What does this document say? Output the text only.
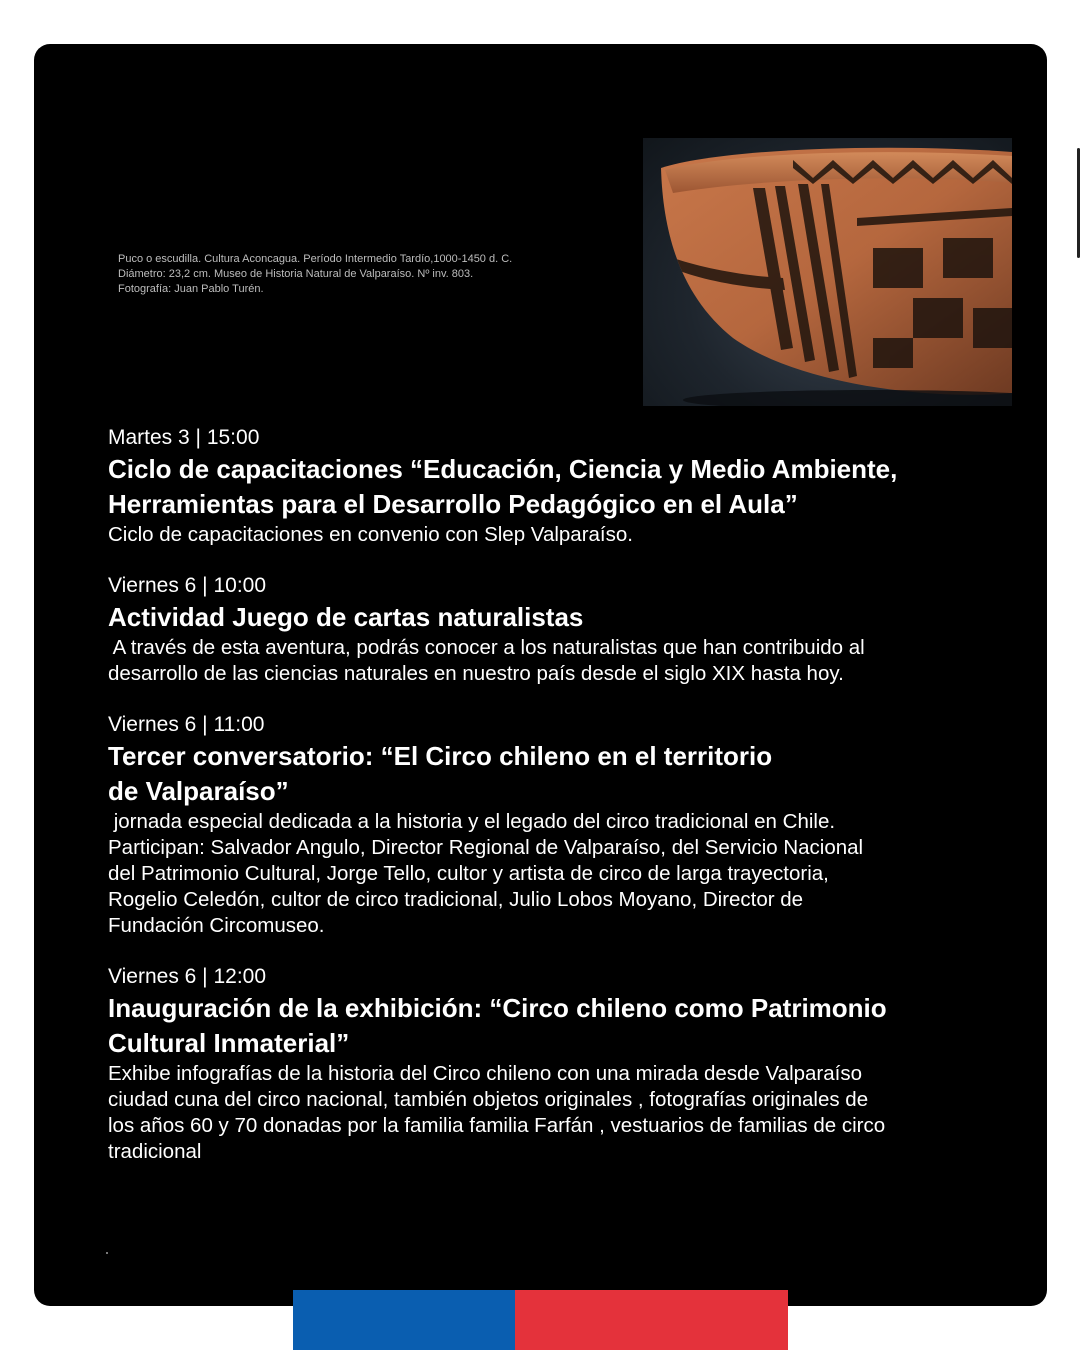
Puco o escudilla. Cultura Aconcagua. Período Intermedio Tardío,1000-1450 d. C.
Diámetro: 23,2 cm. Museo de Historia Natural de Valparaíso. Nº inv. 803.
Fotografía: Juan Pablo Turén.
Martes 3 | 15:00
Ciclo de capacitaciones “Educación, Ciencia y Medio Ambiente,
Herramientas para el Desarrollo Pedagógico en el Aula”
Ciclo de capacitaciones en convenio con Slep Valparaíso.
Viernes 6 | 10:00
Actividad Juego de cartas naturalistas
A través de esta aventura, podrás conocer a los naturalistas que han contribuido al
desarrollo de las ciencias naturales en nuestro país desde el siglo XIX hasta hoy.
Viernes 6 | 11:00
Tercer conversatorio: “El Circo chileno en el territorio
de Valparaíso”
jornada especial dedicada a la historia y el legado del circo tradicional en Chile.
Participan: Salvador Angulo, Director Regional de Valparaíso, del Servicio Nacional
del Patrimonio Cultural, Jorge Tello, cultor y artista de circo de larga trayectoria,
Rogelio Celedón, cultor de circo tradicional, Julio Lobos Moyano, Director de
Fundación Circomuseo.
Viernes 6 | 12:00
Inauguración de la exhibición: “Circo chileno como Patrimonio
Cultural Inmaterial”
Exhibe infografías de la historia del Circo chileno con una mirada desde Valparaíso
ciudad cuna del circo nacional, también objetos originales , fotografías originales de
los años 60 y 70 donadas por la familia familia Farfán , vestuarios de familias de circo
tradicional
